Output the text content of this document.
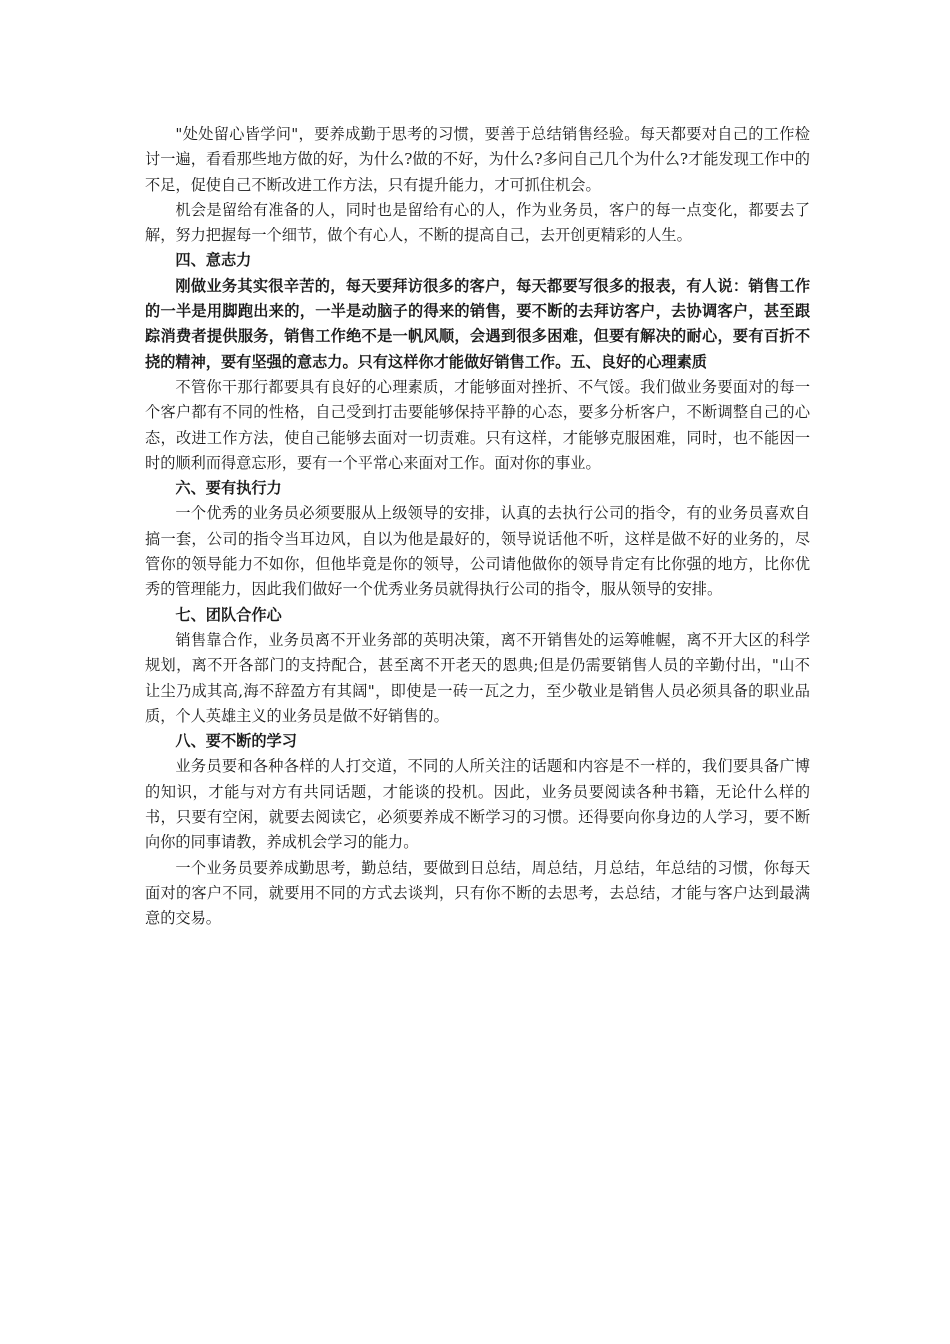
"处处留心皆学问"，要养成勤于思考的习惯，要善于总结销售经验。每天都要对自己的工作检讨一遍，看看那些地方做的好，为什么?做的不好，为什么?多问自己几个为什么?才能发现工作中的不足，促使自己不断改进工作方法，只有提升能力，才可抓住机会。

机会是留给有准备的人，同时也是留给有心的人，作为业务员，客户的每一点变化，都要去了解，努力把握每一个细节，做个有心人，不断的提高自己，去开创更精彩的人生。

四、意志力

刚做业务其实很辛苦的，每天要拜访很多的客户，每天都要写很多的报表，有人说：销售工作的一半是用脚跑出来的，一半是动脑子的得来的销售，要不断的去拜访客户，去协调客户，甚至跟踪消费者提供服务，销售工作绝不是一帆风顺，会遇到很多困难，但要有解决的耐心，要有百折不挠的精神，要有坚强的意志力。只有这样你才能做好销售工作。五、良好的心理素质

不管你干那行都要具有良好的心理素质，才能够面对挫折、不气馁。我们做业务要面对的每一个客户都有不同的性格，自己受到打击要能够保持平静的心态，要多分析客户，不断调整自己的心态，改进工作方法，使自己能够去面对一切责难。只有这样，才能够克服困难，同时，也不能因一时的顺利而得意忘形，要有一个平常心来面对工作。面对你的事业。

六、要有执行力

一个优秀的业务员必须要服从上级领导的安排，认真的去执行公司的指令，有的业务员喜欢自搞一套，公司的指令当耳边风，自以为他是最好的，领导说话他不听，这样是做不好的业务的，尽管你的领导能力不如你，但他毕竟是你的领导，公司请他做你的领导肯定有比你强的地方，比你优秀的管理能力，因此我们做好一个优秀业务员就得执行公司的指令，服从领导的安排。

七、团队合作心

销售靠合作，业务员离不开业务部的英明决策，离不开销售处的运筹帷幄，离不开大区的科学规划，离不开各部门的支持配合，甚至离不开老天的恩典;但是仍需要销售人员的辛勤付出，"山不让尘乃成其高,海不辞盈方有其阔"，即使是一砖一瓦之力，至少敬业是销售人员必须具备的职业品质，个人英雄主义的业务员是做不好销售的。

八、要不断的学习

业务员要和各种各样的人打交道，不同的人所关注的话题和内容是不一样的，我们要具备广博的知识，才能与对方有共同话题，才能谈的投机。因此，业务员要阅读各种书籍，无论什么样的书，只要有空闲，就要去阅读它，必须要养成不断学习的习惯。还得要向你身边的人学习，要不断向你的同事请教，养成机会学习的能力。

一个业务员要养成勤思考，勤总结，要做到日总结，周总结，月总结，年总结的习惯，你每天面对的客户不同，就要用不同的方式去谈判，只有你不断的去思考，去总结，才能与客户达到最满意的交易。
